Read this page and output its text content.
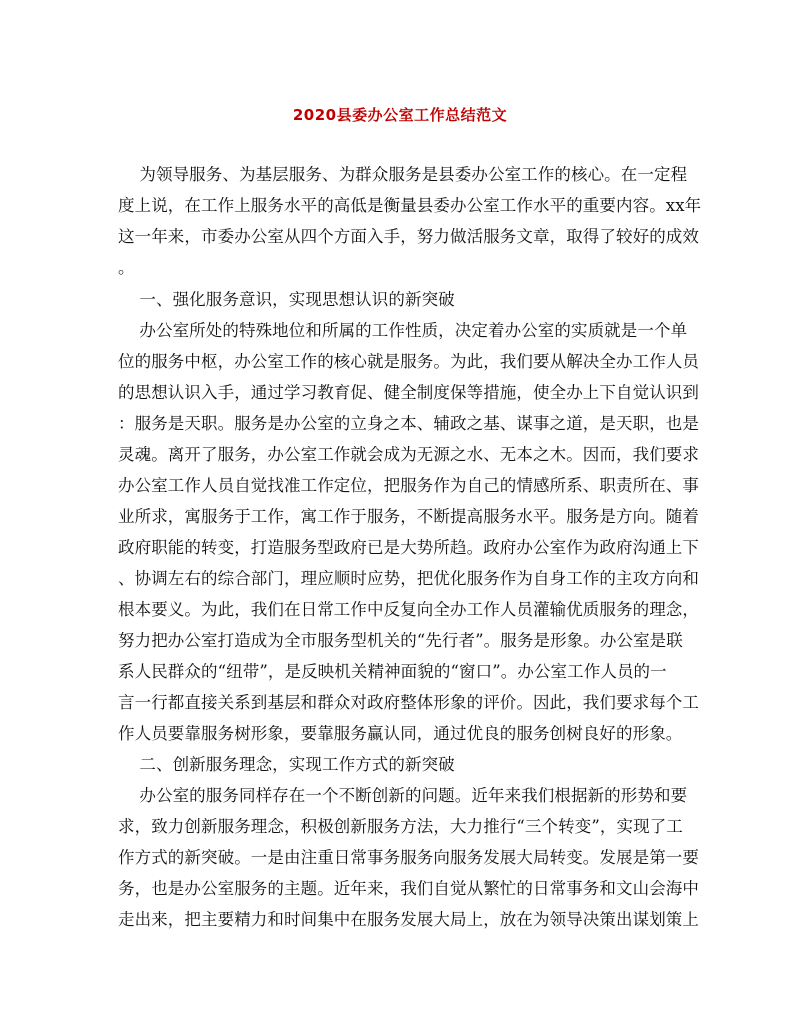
2020县委办公室工作总结范文
为领导服务、为基层服务、为群众服务是县委办公室工作的核心。在一定程
度上说，在工作上服务水平的高低是衡量县委办公室工作水平的重要内容。xx年
这一年来，市委办公室从四个方面入手，努力做活服务文章，取得了较好的成效
。
一、强化服务意识，实现思想认识的新突破
办公室所处的特殊地位和所属的工作性质，决定着办公室的实质就是一个单
位的服务中枢，办公室工作的核心就是服务。为此，我们要从解决全办工作人员
的思想认识入手，通过学习教育促、健全制度保等措施，使全办上下自觉认识到
：服务是天职。服务是办公室的立身之本、辅政之基、谋事之道，是天职，也是
灵魂。离开了服务，办公室工作就会成为无源之水、无本之木。因而，我们要求
办公室工作人员自觉找准工作定位，把服务作为自己的情感所系、职责所在、事
业所求，寓服务于工作，寓工作于服务，不断提高服务水平。服务是方向。随着
政府职能的转变，打造服务型政府已是大势所趋。政府办公室作为政府沟通上下
、协调左右的综合部门，理应顺时应势，把优化服务作为自身工作的主攻方向和
根本要义。为此，我们在日常工作中反复向全办工作人员灌输优质服务的理念，
努力把办公室打造成为全市服务型机关的“先行者”。服务是形象。办公室是联
系人民群众的“纽带”，是反映机关精神面貌的“窗口”。办公室工作人员的一
言一行都直接关系到基层和群众对政府整体形象的评价。因此，我们要求每个工
作人员要靠服务树形象，要靠服务赢认同，通过优良的服务创树良好的形象。
二、创新服务理念，实现工作方式的新突破
办公室的服务同样存在一个不断创新的问题。近年来我们根据新的形势和要
求，致力创新服务理念，积极创新服务方法，大力推行“三个转变”，实现了工
作方式的新突破。一是由注重日常事务服务向服务发展大局转变。发展是第一要
务，也是办公室服务的主题。近年来，我们自觉从繁忙的日常事务和文山会海中
走出来，把主要精力和时间集中在服务发展大局上，放在为领导决策出谋划策上
